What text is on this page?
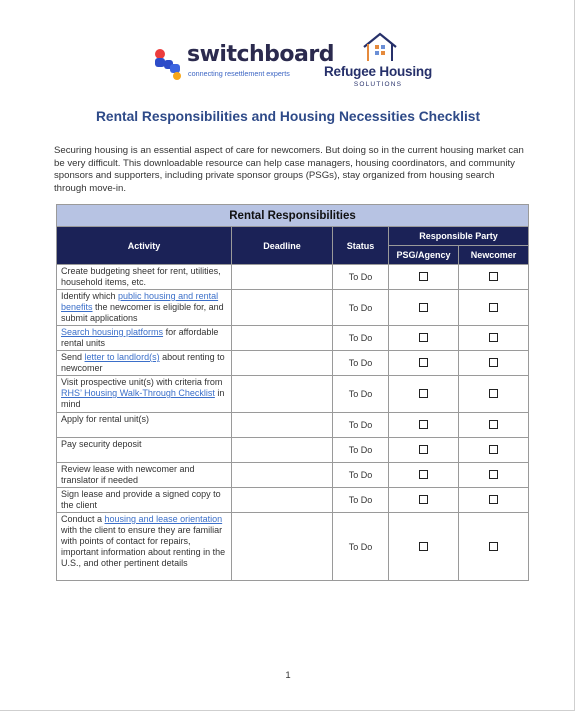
switchboard
connecting resettlement experts	Refugee Housing
SOLUTIONS
Rental Responsibilities and Housing Necessities Checklist
Securing housing is an essential aspect of care for newcomers. But doing so in the current housing market can be very difficult. This downloadable resource can help case managers, housing coordinators, and community sponsors and supporters, including private sponsor groups (PSGs), stay organized from housing search through move-in.
Rental Responsibilities				
Activity	Deadline	Status	Responsible Party	
			PSG/Agency	Newcomer
Create budgeting sheet for rent, utilities, household items, etc.		To Do		
Identify which public housing and rental benefits the newcomer is eligible for, and submit applications		To Do		
Search housing platforms for affordable rental units		To Do		
Send letter to landlord(s) about renting to newcomer		To Do		
Visit prospective unit(s) with criteria from RHS’ Housing Walk-Through Checklist in mind		To Do		
Apply for rental unit(s)		To Do		
Pay security deposit		To Do		
Review lease with newcomer and translator if needed		To Do		
Sign lease and provide a signed copy to the client		To Do		
Conduct a housing and lease orientation with the client to ensure they are familiar with points of contact for repairs, important information about renting in the U.S., and other pertinent details		To Do		
1
